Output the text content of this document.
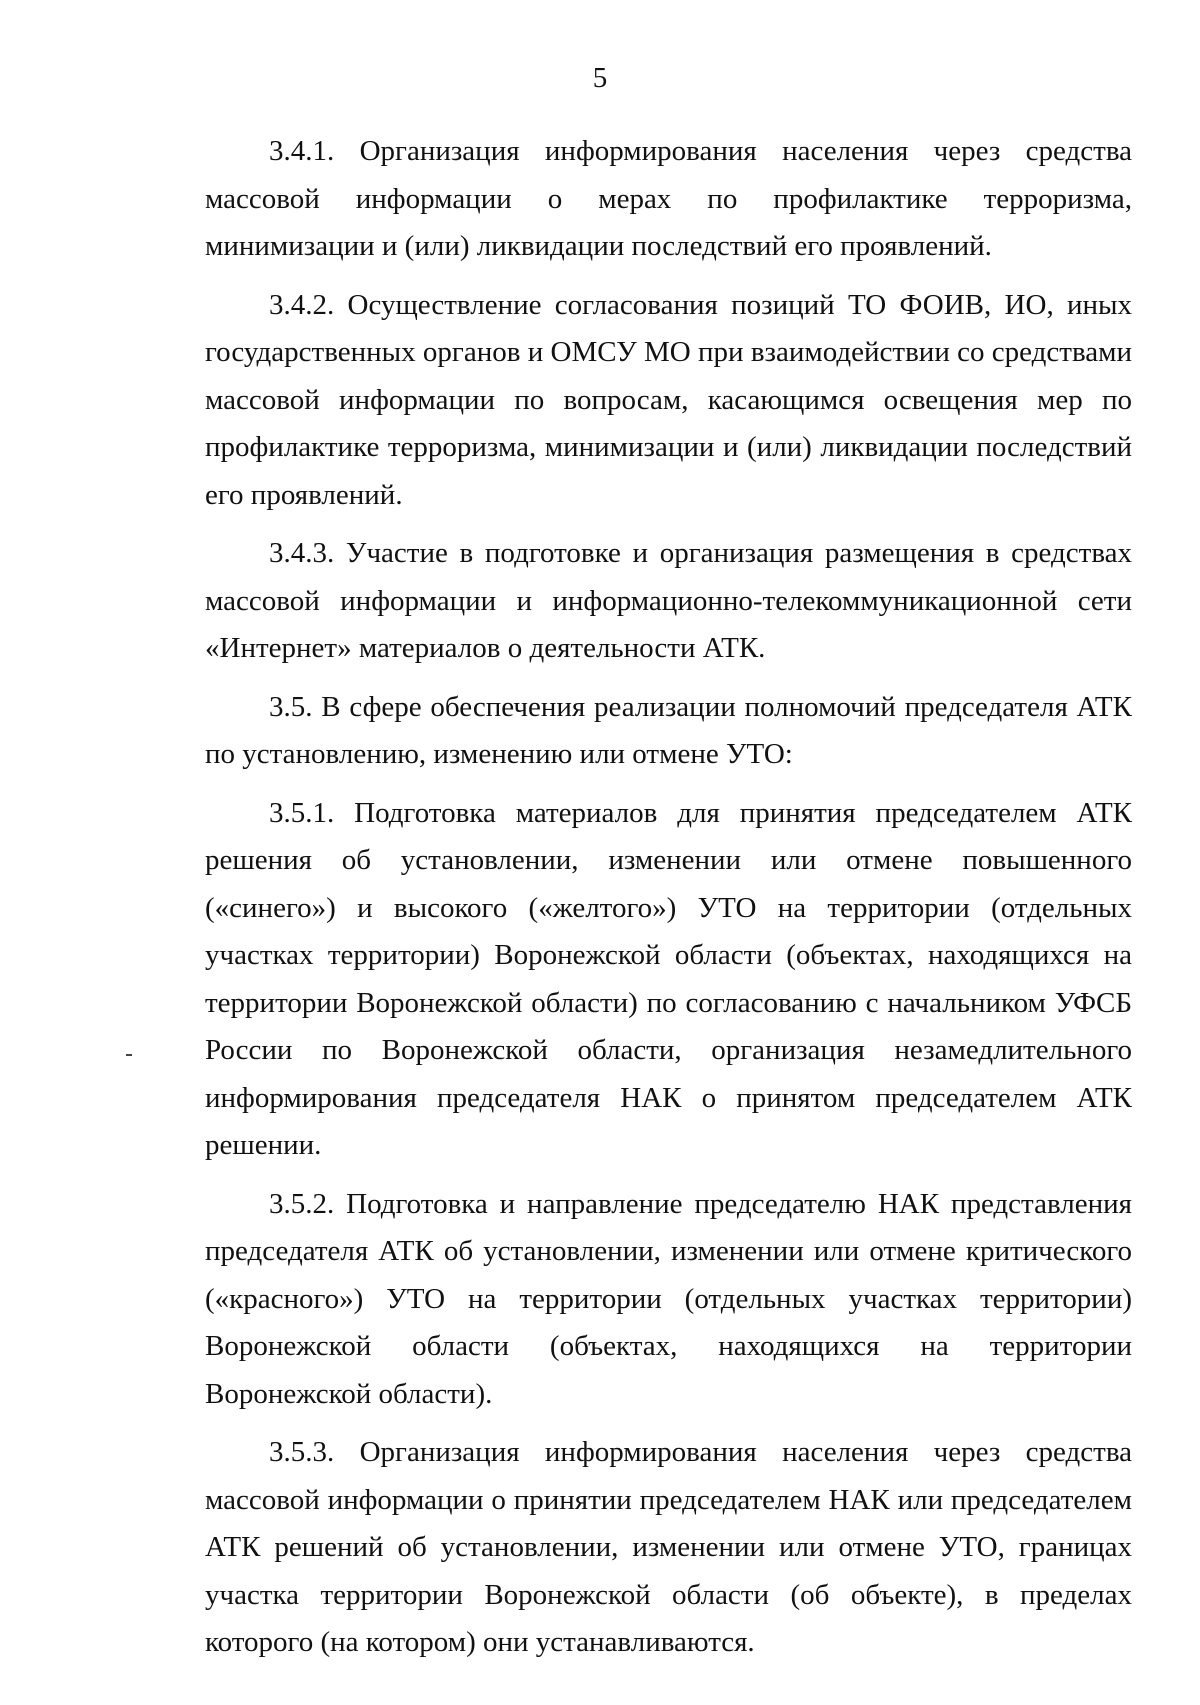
5

3.4.1. Организация информирования населения через средства массовой информации о мерах по профилактике терроризма, минимизации и (или) ликвидации последствий его проявлений.

3.4.2. Осуществление согласования позиций ТО ФОИВ, ИО, иных государственных органов и ОМСУ МО при взаимодействии со средствами массовой информации по вопросам, касающимся освещения мер по профилактике терроризма, минимизации и (или) ликвидации последствий его проявлений.

3.4.3. Участие в подготовке и организация размещения в средствах массовой информации и информационно-телекоммуникационной сети «Интернет» материалов о деятельности АТК.

3.5. В сфере обеспечения реализации полномочий председателя АТК по установлению, изменению или отмене УТО:

3.5.1. Подготовка материалов для принятия председателем АТК решения об установлении, изменении или отмене повышенного («синего») и высокого («желтого») УТО на территории (отдельных участках территории) Воронежской области (объектах, находящихся на территории Воронежской области) по согласованию с начальником УФСБ России по Воронежской области, организация незамедлительного информирования председателя НАК о принятом председателем АТК решении.

3.5.2. Подготовка и направление председателю НАК представления председателя АТК об установлении, изменении или отмене критического («красного») УТО на территории (отдельных участках территории) Воронежской области (объектах, находящихся на территории Воронежской области).

3.5.3. Организация информирования населения через средства массовой информации о принятии председателем НАК или председателем АТК решений об установлении, изменении или отмене УТО, границах участка территории Воронежской области (об объекте), в пределах которого (на котором) они устанавливаются.
